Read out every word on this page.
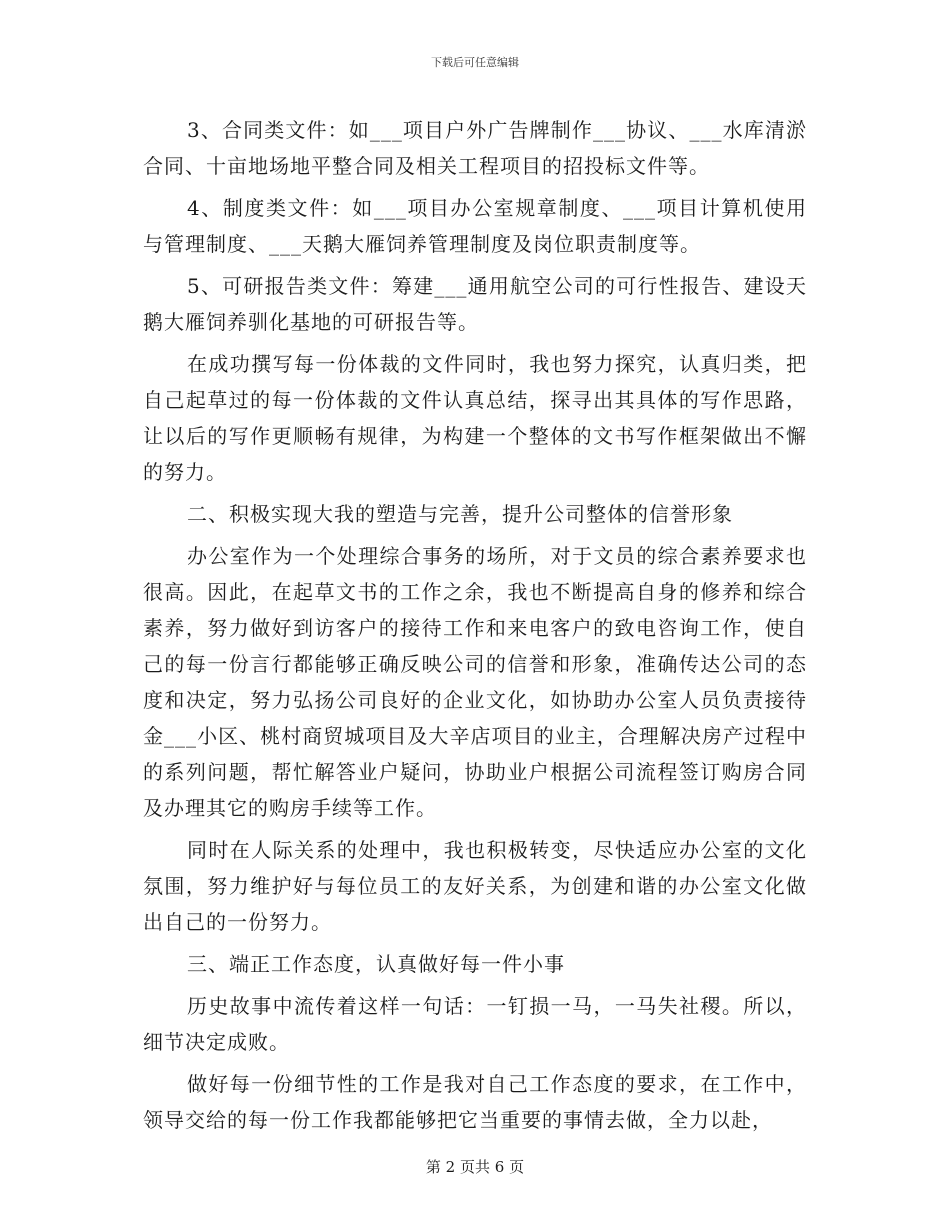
下载后可任意编辑

3、合同类文件：如___项目户外广告牌制作___协议、___水库清淤合同、十亩地场地平整合同及相关工程项目的招投标文件等。

4、制度类文件：如___项目办公室规章制度、___项目计算机使用与管理制度、___天鹅大雁饲养管理制度及岗位职责制度等。

5、可研报告类文件：筹建___通用航空公司的可行性报告、建设天鹅大雁饲养驯化基地的可研报告等。

在成功撰写每一份体裁的文件同时，我也努力探究，认真归类，把自己起草过的每一份体裁的文件认真总结，探寻出其具体的写作思路，让以后的写作更顺畅有规律，为构建一个整体的文书写作框架做出不懈的努力。

二、积极实现大我的塑造与完善，提升公司整体的信誉形象

办公室作为一个处理综合事务的场所，对于文员的综合素养要求也很高。因此，在起草文书的工作之余，我也不断提高自身的修养和综合素养，努力做好到访客户的接待工作和来电客户的致电咨询工作，使自己的每一份言行都能够正确反映公司的信誉和形象，准确传达公司的态度和决定，努力弘扬公司良好的企业文化，如协助办公室人员负责接待金___小区、桃村商贸城项目及大辛店项目的业主，合理解决房产过程中的系列问题，帮忙解答业户疑问，协助业户根据公司流程签订购房合同及办理其它的购房手续等工作。

同时在人际关系的处理中，我也积极转变，尽快适应办公室的文化氛围，努力维护好与每位员工的友好关系，为创建和谐的办公室文化做出自己的一份努力。

三、端正工作态度，认真做好每一件小事

历史故事中流传着这样一句话：一钉损一马，一马失社稷。所以，细节决定成败。

做好每一份细节性的工作是我对自己工作态度的要求，在工作中，领导交给的每一份工作我都能够把它当重要的事情去做，全力以赴，

第 2 页共 6 页
